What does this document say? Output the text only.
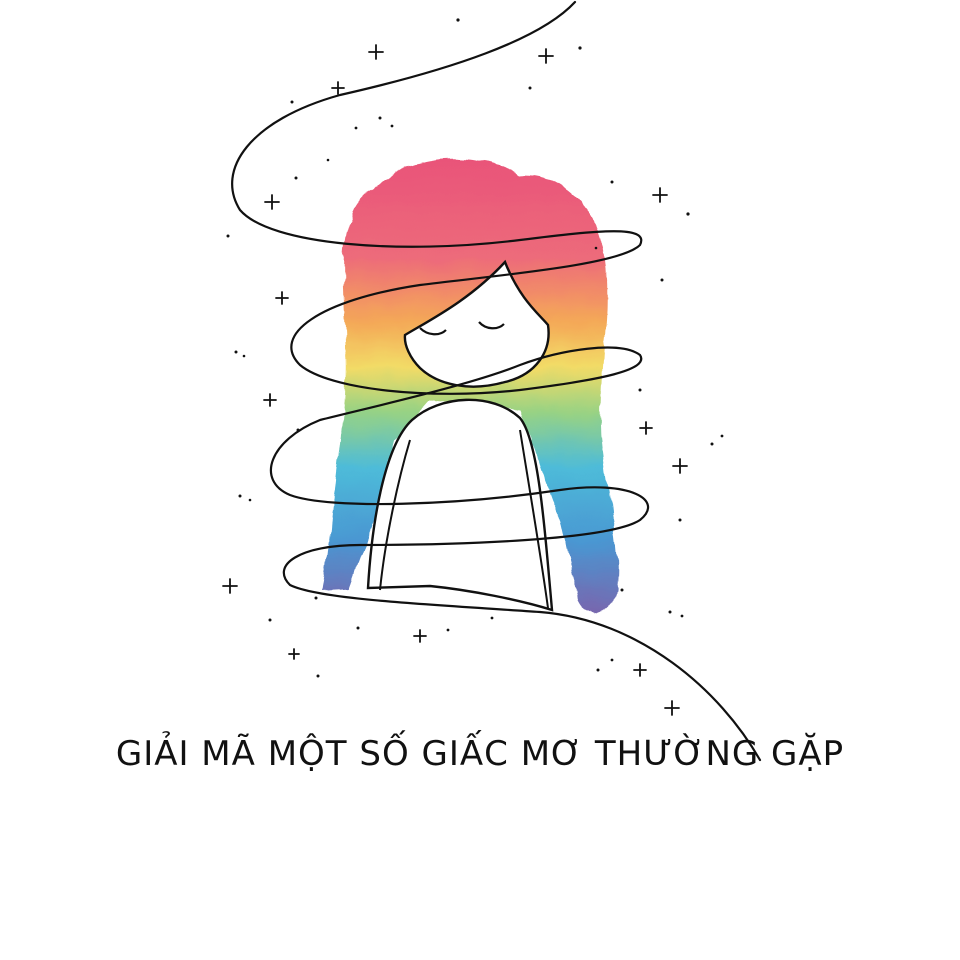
GIẢI MÃ MỘT SỐ GIẤC MƠ THƯỜNG GẶP
